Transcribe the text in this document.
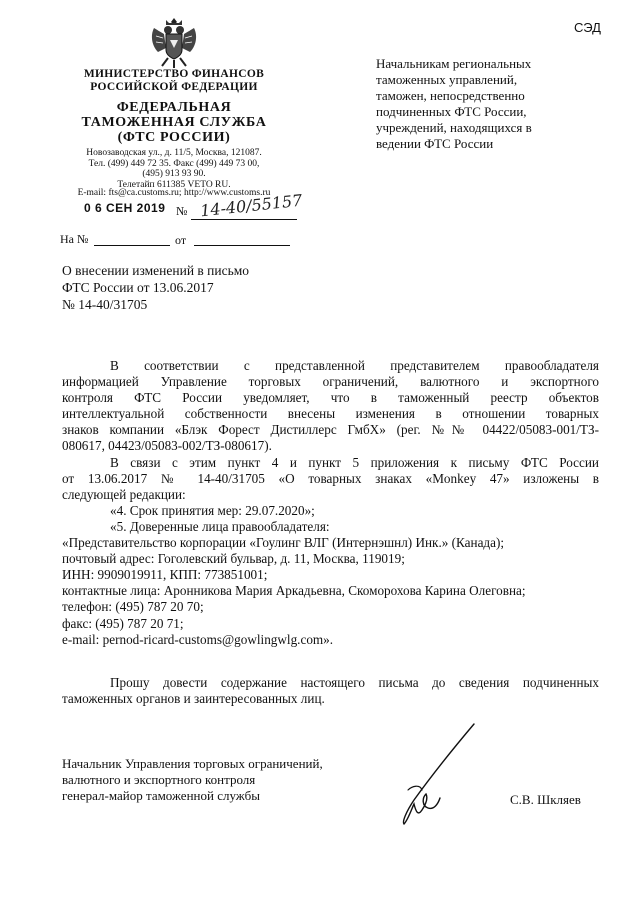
СЭД
МИНИСТЕРСТВО ФИНАНСОВ
РОССИЙСКОЙ ФЕДЕРАЦИИ
ФЕДЕРАЛЬНАЯ
ТАМОЖЕННАЯ СЛУЖБА
(ФТС РОССИИ)
Новозаводская ул., д. 11/5, Москва, 121087.
Тел. (499) 449 72 35. Факс (499) 449 73 00,
(495) 913 93 90.
Телетайп 611385 VETO RU.
E-mail: fts@ca.customs.ru; http://www.customs.ru
0 6 СЕН 2019 № 14-40/55157
На №	от
Начальникам региональных
таможенных управлений,
таможен, непосредственно
подчиненных ФТС России,
учреждений, находящихся в
ведении ФТС России
О внесении изменений в письмо
ФТС России от 13.06.2017
№ 14-40/31705

В соответствии с представленной представителем правообладателя

информацией Управление торговых ограничений, валютного и экспортного

контроля ФТС России уведомляет, что в таможенный реестр объектов

интеллектуальной собственности внесены изменения в отношении товарных

знаков компании «Блэк Форест Дистиллерс ГмбХ» (рег. №№ 04422/05083-001/ТЗ-

080617, 04423/05083-002/ТЗ-080617).

В связи с этим пункт 4 и пункт 5 приложения к письму ФТС России

от 13.06.2017 № 14-40/31705 «О товарных знаках «Monkey 47» изложены в

следующей редакции:

«4. Срок принятия мер: 29.07.2020»;

«5. Доверенные лица правообладателя:

«Представительство корпорации «Гоулинг ВЛГ (Интернэшнл) Инк.» (Канада);

почтовый адрес: Гоголевский бульвар, д. 11, Москва, 119019;

ИНН: 9909019911, КПП: 773851001;

контактные лица: Аронникова Мария Аркадьевна, Скоморохова Карина Олеговна;

телефон: (495) 787 20 70;

факс: (495) 787 20 71;

e-mail: pernod-ricard-customs@gowlingwlg.com».

Прошу довести содержание настоящего письма до сведения подчиненных

таможенных органов и заинтересованных лиц.

Начальник Управления торговых ограничений,
валютного и экспортного контроля
генерал-майор таможенной службы	С.В. Шкляев
